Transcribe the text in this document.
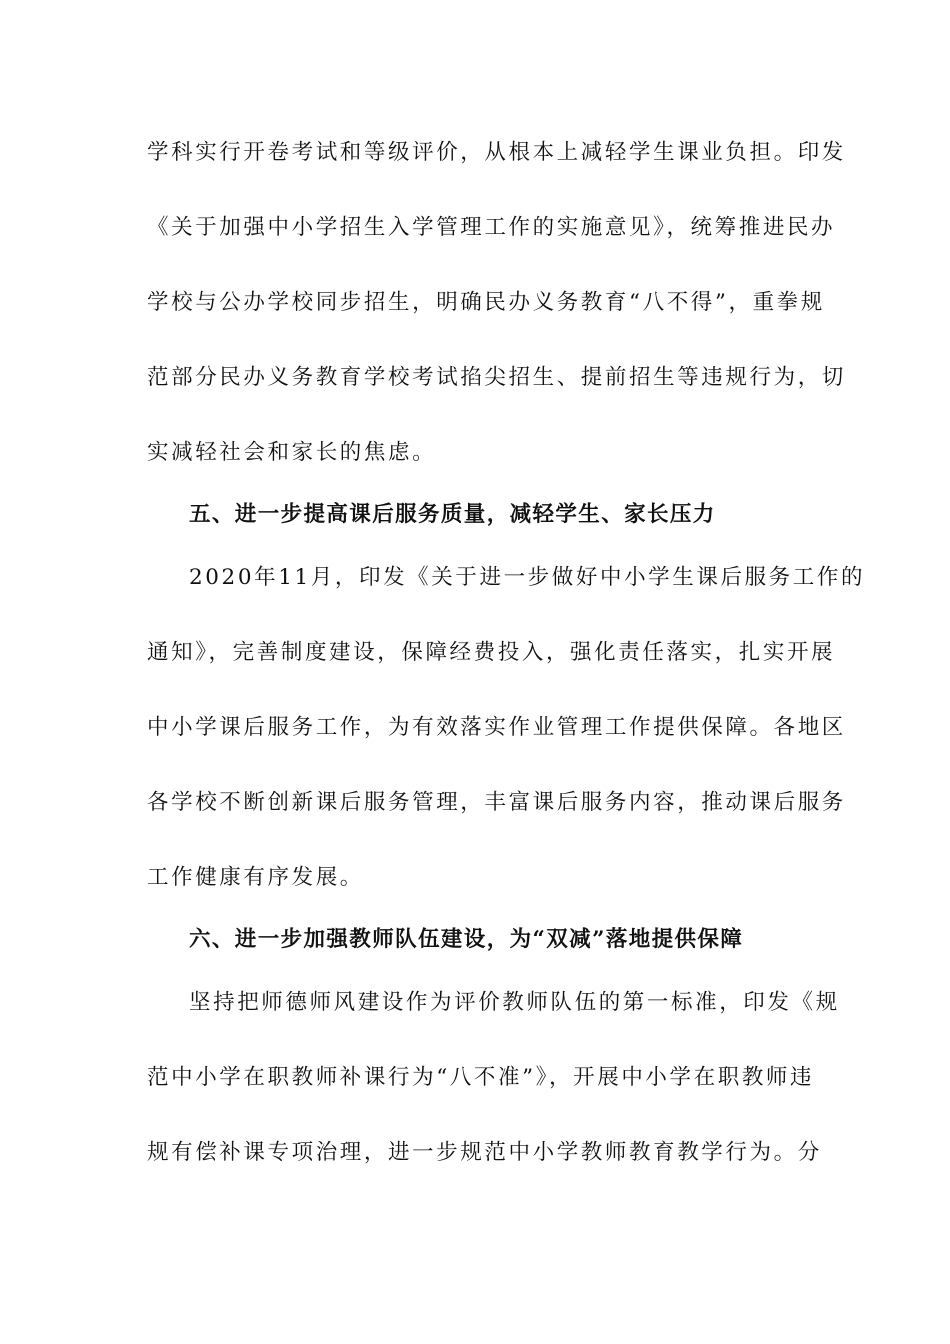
学科实行开卷考试和等级评价，从根本上减轻学生课业负担。印发
《关于加强中小学招生入学管理工作的实施意见》，统筹推进民办
学校与公办学校同步招生，明确民办义务教育“八不得”，重拳规
范部分民办义务教育学校考试掐尖招生、提前招生等违规行为，切
实减轻社会和家长的焦虑。
五、进一步提高课后服务质量，减轻学生、家长压力
2020年11月，印发《关于进一步做好中小学生课后服务工作的
通知》，完善制度建设，保障经费投入，强化责任落实，扎实开展
中小学课后服务工作，为有效落实作业管理工作提供保障。各地区
各学校不断创新课后服务管理，丰富课后服务内容，推动课后服务
工作健康有序发展。
六、进一步加强教师队伍建设，为“双减”落地提供保障
坚持把师德师风建设作为评价教师队伍的第一标准，印发《规
范中小学在职教师补课行为“八不准”》，开展中小学在职教师违
规有偿补课专项治理，进一步规范中小学教师教育教学行为。分
